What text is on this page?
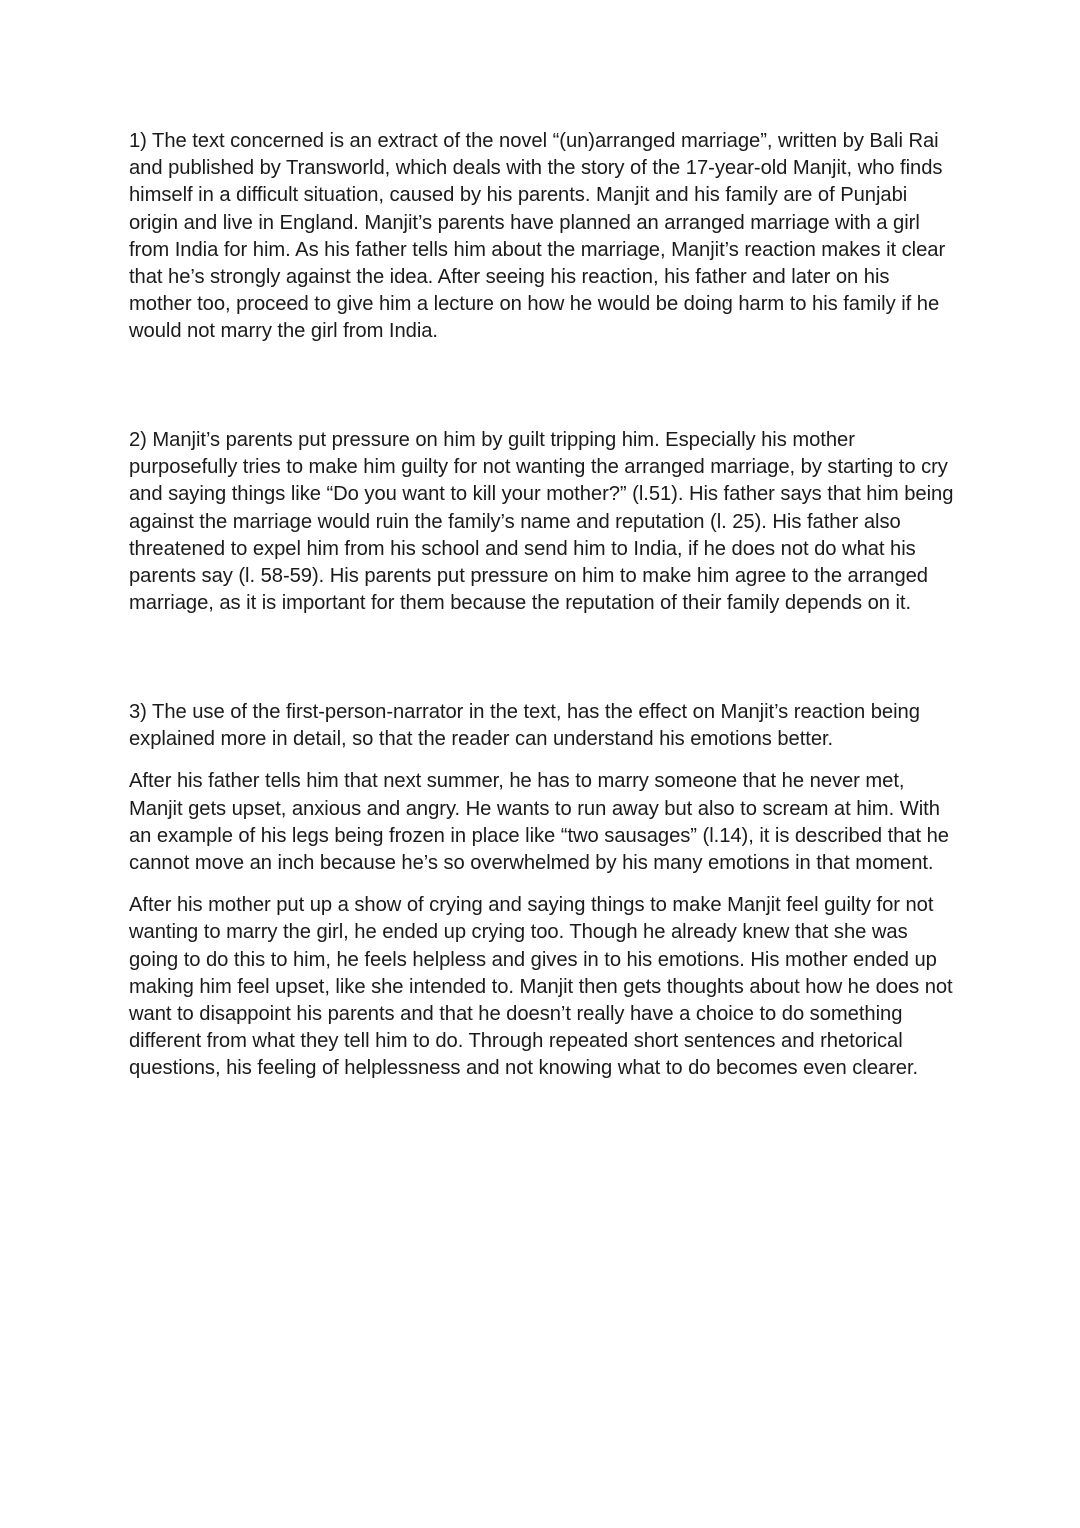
1) The text concerned is an extract of the novel “(un)arranged marriage”, written by Bali Rai and published by Transworld, which deals with the story of the 17-year-old Manjit, who finds himself in a difficult situation, caused by his parents. Manjit and his family are of Punjabi origin and live in England. Manjit’s parents have planned an arranged marriage with a girl from India for him. As his father tells him about the marriage, Manjit’s reaction makes it clear that he’s strongly against the idea. After seeing his reaction, his father and later on his mother too, proceed to give him a lecture on how he would be doing harm to his family if he would not marry the girl from India.

2) Manjit’s parents put pressure on him by guilt tripping him. Especially his mother purposefully tries to make him guilty for not wanting the arranged marriage, by starting to cry and saying things like “Do you want to kill your mother?” (l.51). His father says that him being against the marriage would ruin the family’s name and reputation (l. 25). His father also threatened to expel him from his school and send him to India, if he does not do what his parents say (l. 58-59). His parents put pressure on him to make him agree to the arranged marriage, as it is important for them because the reputation of their family depends on it.

3) The use of the first-person-narrator in the text, has the effect on Manjit’s reaction being explained more in detail, so that the reader can understand his emotions better.

After his father tells him that next summer, he has to marry someone that he never met, Manjit gets upset, anxious and angry. He wants to run away but also to scream at him. With an example of his legs being frozen in place like “two sausages” (l.14), it is described that he cannot move an inch because he’s so overwhelmed by his many emotions in that moment.

After his mother put up a show of crying and saying things to make Manjit feel guilty for not wanting to marry the girl, he ended up crying too. Though he already knew that she was going to do this to him, he feels helpless and gives in to his emotions. His mother ended up making him feel upset, like she intended to. Manjit then gets thoughts about how he does not want to disappoint his parents and that he doesn’t really have a choice to do something different from what they tell him to do. Through repeated short sentences and rhetorical questions, his feeling of helplessness and not knowing what to do becomes even clearer.
